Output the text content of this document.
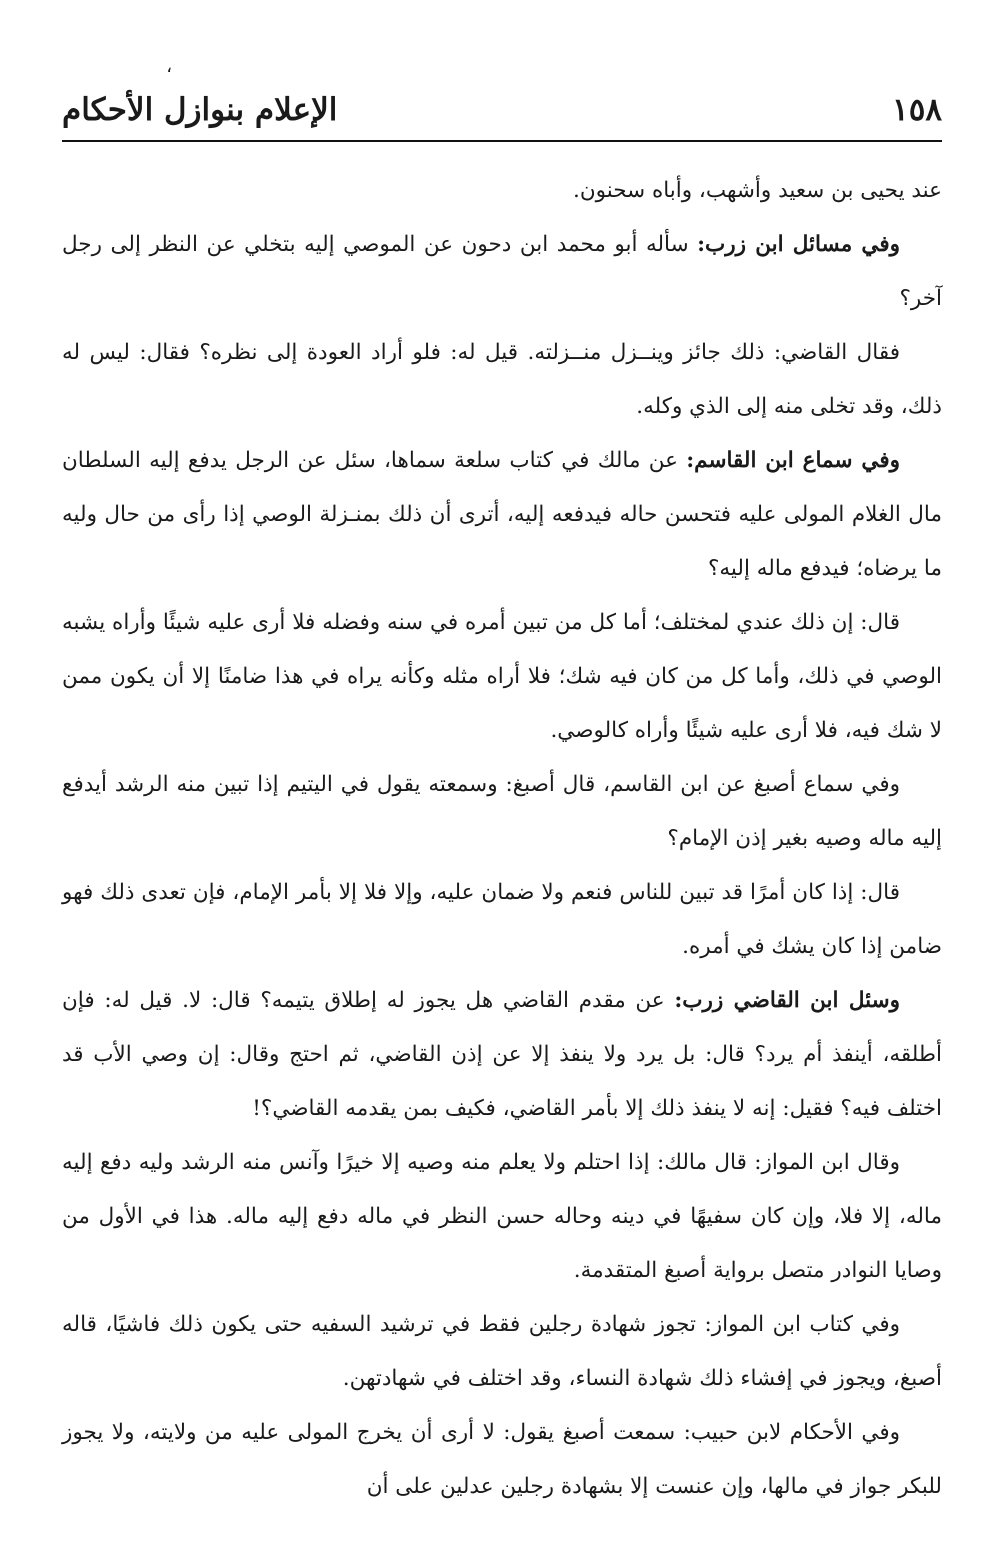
،
١٥٨
الإعلام بنوازل الأحكام

عند يحيى بن سعيد وأشهب، وأباه سحنون.

وفي مسائل ابن زرب: سأله أبو محمد ابن دحون عن الموصي إليه بتخلي عن النظر إلى رجل آخر؟

فقال القاضي: ذلك جائز وينــزل منــزلته. قيل له: فلو أراد العودة إلى نظره؟ فقال: ليس له ذلك، وقد تخلى منه إلى الذي وكله.

وفي سماع ابن القاسم: عن مالك في كتاب سلعة سماها، سئل عن الرجل يدفع إليه السلطان مال الغلام المولى عليه فتحسن حاله فيدفعه إليه، أترى أن ذلك بمنـزلة الوصي إذا رأى من حال وليه ما يرضاه؛ فيدفع ماله إليه؟

قال: إن ذلك عندي لمختلف؛ أما كل من تبين أمره في سنه وفضله فلا أرى عليه شيئًا وأراه يشبه الوصي في ذلك، وأما كل من كان فيه شك؛ فلا أراه مثله وكأنه يراه في هذا ضامنًا إلا أن يكون ممن لا شك فيه، فلا أرى عليه شيئًا وأراه كالوصي.

وفي سماع أصبغ عن ابن القاسم، قال أصبغ: وسمعته يقول في اليتيم إذا تبين منه الرشد أيدفع إليه ماله وصيه بغير إذن الإمام؟

قال: إذا كان أمرًا قد تبين للناس فنعم ولا ضمان عليه، وإلا فلا إلا بأمر الإمام، فإن تعدى ذلك فهو ضامن إذا كان يشك في أمره.

وسئل ابن القاضي زرب: عن مقدم القاضي هل يجوز له إطلاق يتيمه؟ قال: لا. قيل له: فإن أطلقه، أينفذ أم يرد؟ قال: بل يرد ولا ينفذ إلا عن إذن القاضي، ثم احتج وقال: إن وصي الأب قد اختلف فيه؟ فقيل: إنه لا ينفذ ذلك إلا بأمر القاضي، فكيف بمن يقدمه القاضي؟!

وقال ابن المواز: قال مالك: إذا احتلم ولا يعلم منه وصيه إلا خيرًا وآنس منه الرشد وليه دفع إليه ماله، إلا فلا، وإن كان سفيهًا في دينه وحاله حسن النظر في ماله دفع إليه ماله. هذا في الأول من وصايا النوادر متصل برواية أصبغ المتقدمة.

وفي كتاب ابن المواز: تجوز شهادة رجلين فقط في ترشيد السفيه حتى يكون ذلك فاشيًا، قاله أصبغ، ويجوز في إفشاء ذلك شهادة النساء، وقد اختلف في شهادتهن.

وفي الأحكام لابن حبيب: سمعت أصبغ يقول: لا أرى أن يخرج المولى عليه من ولايته، ولا يجوز للبكر جواز في مالها، وإن عنست إلا بشهادة رجلين عدلين على أن
